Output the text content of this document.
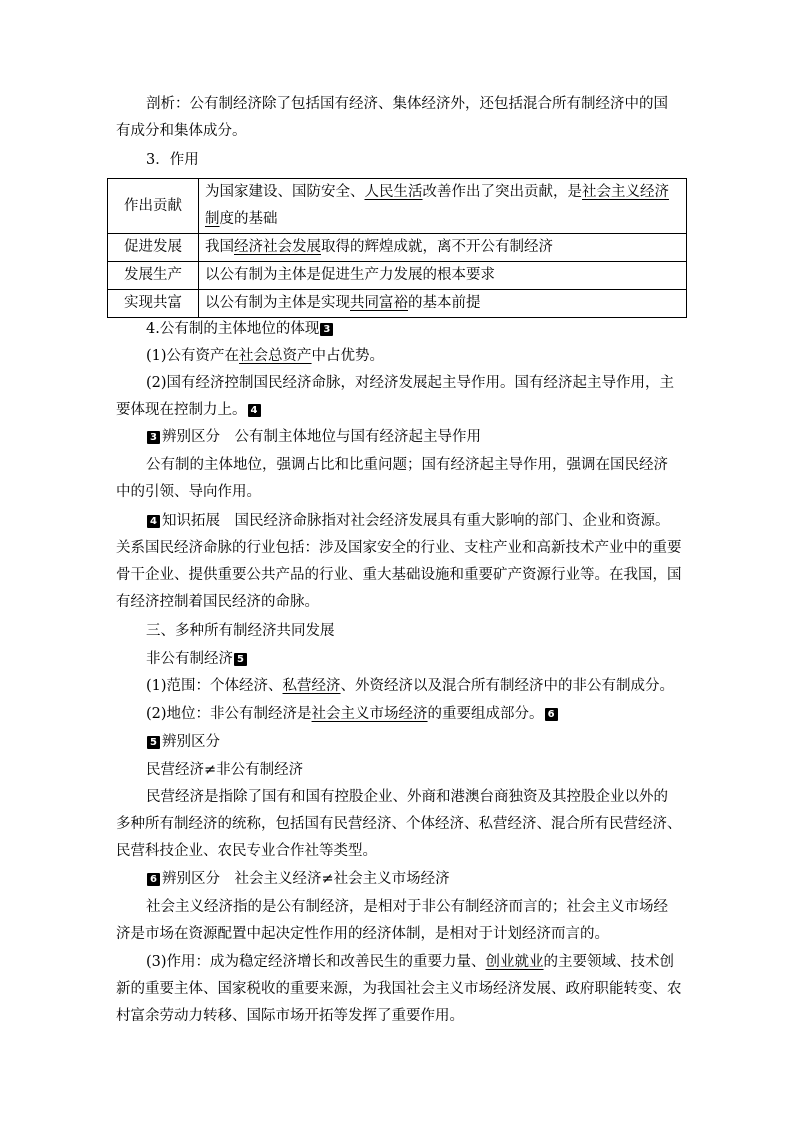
剖析：公有制经济除了包括国有经济、集体经济外，还包括混合所有制经济中的国有成分和集体成分。

3．作用

作出贡献	为国家建设、国防安全、人民生活改善作出了突出贡献，是社会主义经济制度的基础
促进发展	我国经济社会发展取得的辉煌成就，离不开公有制经济
发展生产	以公有制为主体是促进生产力发展的根本要求
实现共富	以公有制为主体是实现共同富裕的基本前提

4.公有制的主体地位的体现 3

(1)公有资产在社会总资产中占优势。

(2)国有经济控制国民经济命脉，对经济发展起主导作用。国有经济起主导作用，主要体现在控制力上。 4

3 辨别区分　公有制主体地位与国有经济起主导作用

公有制的主体地位，强调占比和比重问题；国有经济起主导作用，强调在国民经济中的引领、导向作用。

4 知识拓展　国民经济命脉指对社会经济发展具有重大影响的部门、企业和资源。关系国民经济命脉的行业包括：涉及国家安全的行业、支柱产业和高新技术产业中的重要骨干企业、提供重要公共产品的行业、重大基础设施和重要矿产资源行业等。在我国，国有经济控制着国民经济的命脉。

三、多种所有制经济共同发展

非公有制经济 5

(1)范围：个体经济、私营经济、外资经济以及混合所有制经济中的非公有制成分。

(2)地位：非公有制经济是社会主义市场经济的重要组成部分。 6

5 辨别区分

民营经济≠非公有制经济

民营经济是指除了国有和国有控股企业、外商和港澳台商独资及其控股企业以外的多种所有制经济的统称，包括国有民营经济、个体经济、私营经济、混合所有民营经济、民营科技企业、农民专业合作社等类型。

6 辨别区分　社会主义经济≠社会主义市场经济

社会主义经济指的是公有制经济，是相对于非公有制经济而言的；社会主义市场经济是市场在资源配置中起决定性作用的经济体制，是相对于计划经济而言的。

(3)作用：成为稳定经济增长和改善民生的重要力量、创业就业的主要领域、技术创新的重要主体、国家税收的重要来源，为我国社会主义市场经济发展、政府职能转变、农村富余劳动力转移、国际市场开拓等发挥了重要作用。
